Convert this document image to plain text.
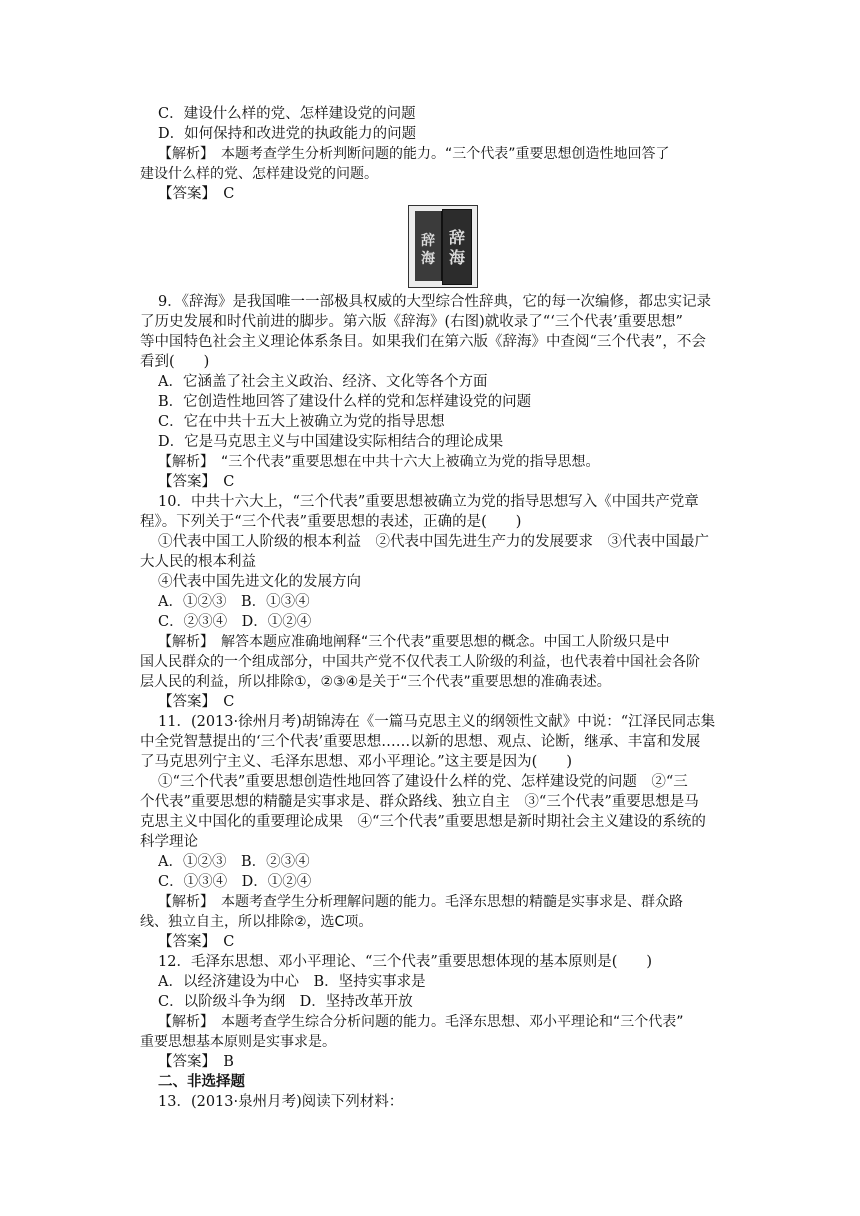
C．建设什么样的党、怎样建设党的问题
D．如何保持和改进党的执政能力的问题
【解析】　本题考查学生分析判断问题的能力。“三个代表”重要思想创造性地回答了
建设什么样的党、怎样建设党的问题。
【答案】　C
辞
海
辞
海
9．《辞海》是我国唯一一部极具权威的大型综合性辞典，它的每一次编修，都忠实记录
了历史发展和时代前进的脚步。第六版《辞海》(右图)就收录了“‘三个代表’重要思想”
等中国特色社会主义理论体系条目。如果我们在第六版《辞海》中查阅“三个代表”，不会
看到(　　)
A．它涵盖了社会主义政治、经济、文化等各个方面
B．它创造性地回答了建设什么样的党和怎样建设党的问题
C．它在中共十五大上被确立为党的指导思想
D．它是马克思主义与中国建设实际相结合的理论成果
【解析】　“三个代表”重要思想在中共十六大上被确立为党的指导思想。
【答案】　C
10．中共十六大上，“三个代表”重要思想被确立为党的指导思想写入《中国共产党章
程》。下列关于“三个代表”重要思想的表述，正确的是(　　)
①代表中国工人阶级的根本利益　②代表中国先进生产力的发展要求　③代表中国最广
大人民的根本利益
④代表中国先进文化的发展方向
A．①②③　B．①③④
C．②③④　D．①②④
【解析】　解答本题应准确地阐释“三个代表”重要思想的概念。中国工人阶级只是中
国人民群众的一个组成部分，中国共产党不仅代表工人阶级的利益，也代表着中国社会各阶
层人民的利益，所以排除①，②③④是关于“三个代表”重要思想的准确表述。
【答案】　C
11．(2013·徐州月考)胡锦涛在《一篇马克思主义的纲领性文献》中说：“江泽民同志集
中全党智慧提出的‘三个代表’重要思想……以新的思想、观点、论断，继承、丰富和发展
了马克思列宁主义、毛泽东思想、邓小平理论。”这主要是因为(　　)
①“三个代表”重要思想创造性地回答了建设什么样的党、怎样建设党的问题　②“三
个代表”重要思想的精髓是实事求是、群众路线、独立自主　③“三个代表”重要思想是马
克思主义中国化的重要理论成果　④“三个代表”重要思想是新时期社会主义建设的系统的
科学理论
A．①②③　B．②③④
C．①③④　D．①②④
【解析】　本题考查学生分析理解问题的能力。毛泽东思想的精髓是实事求是、群众路
线、独立自主，所以排除②，选C项。
【答案】　C
12．毛泽东思想、邓小平理论、“三个代表”重要思想体现的基本原则是(　　)
A．以经济建设为中心　B．坚持实事求是
C．以阶级斗争为纲　D．坚持改革开放
【解析】　本题考查学生综合分析问题的能力。毛泽东思想、邓小平理论和“三个代表”
重要思想基本原则是实事求是。
【答案】　B
二、非选择题
13．(2013·泉州月考)阅读下列材料：
